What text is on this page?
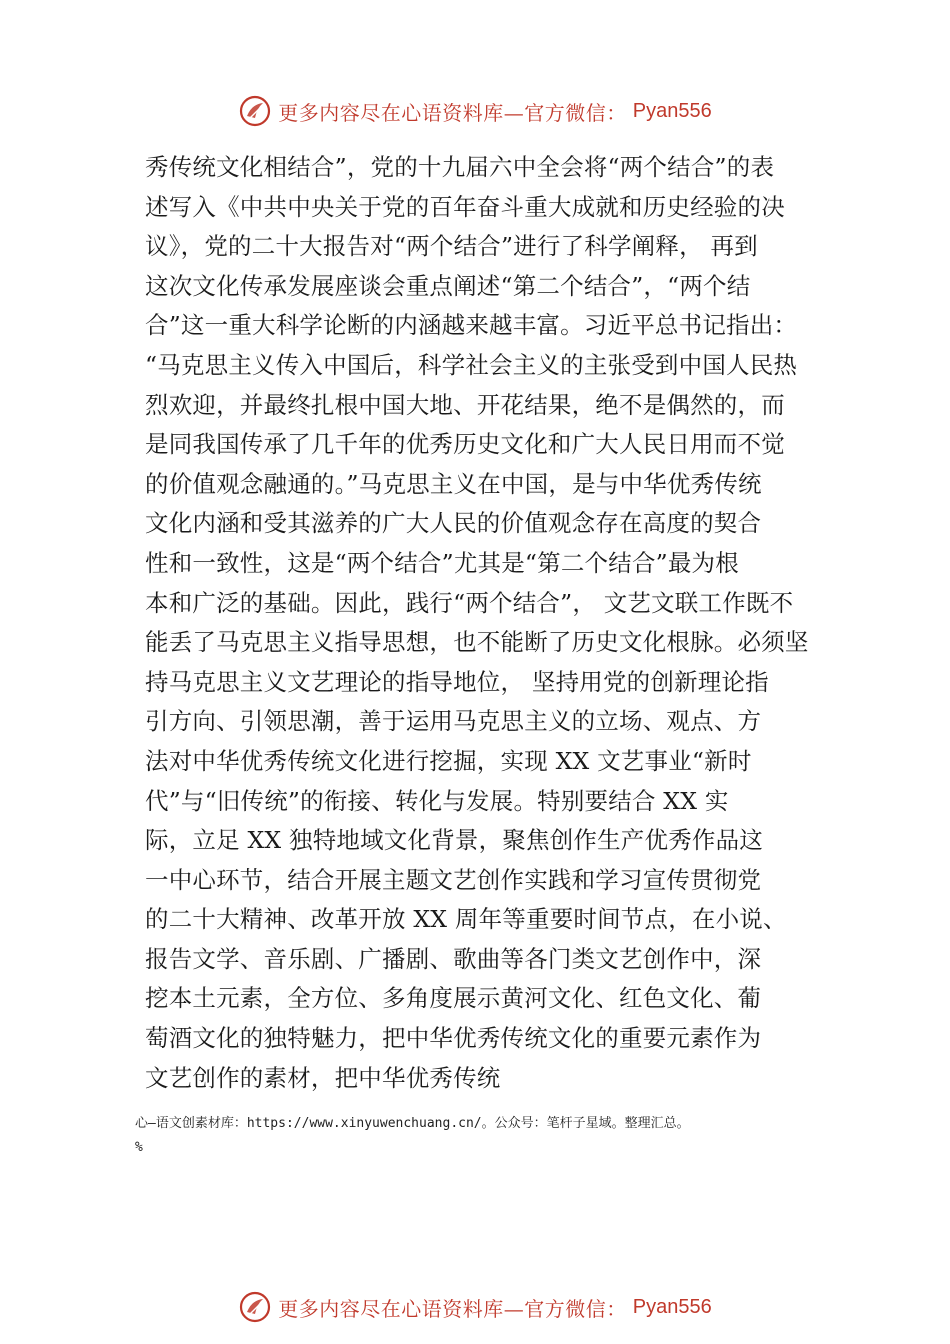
更多内容尽在心语资料库—官方微信： Pyan556
秀传统文化相结合”，党的十九届六中全会将“两个结合”的表
述写入《中共中央关于党的百年奋斗重大成就和历史经验的决
议》，党的二十大报告对“两个结合”进行了科学阐释， 再到
这次文化传承发展座谈会重点阐述“第二个结合”，“两个结
合”这一重大科学论断的内涵越来越丰富。习近平总书记指出：
“马克思主义传入中国后，科学社会主义的主张受到中国人民热
烈欢迎，并最终扎根中国大地、开花结果，绝不是偶然的，而
是同我国传承了几千年的优秀历史文化和广大人民日用而不觉
的价值观念融通的。”马克思主义在中国，是与中华优秀传统
文化内涵和受其滋养的广大人民的价值观念存在高度的契合
性和一致性，这是“两个结合”尤其是“第二个结合”最为根
本和广泛的基础。因此，践行“两个结合”， 文艺文联工作既不
能丢了马克思主义指导思想，也不能断了历史文化根脉。必须坚
持马克思主义文艺理论的指导地位， 坚持用党的创新理论指
引方向、引领思潮，善于运用马克思主义的立场、观点、方
法对中华优秀传统文化进行挖掘，实现 XX 文艺事业“新时
代”与“旧传统”的衔接、转化与发展。特别要结合 XX 实
际，立足 XX 独特地域文化背景，聚焦创作生产优秀作品这
一中心环节，结合开展主题文艺创作实践和学习宣传贯彻党
的二十大精神、改革开放 XX 周年等重要时间节点，在小说、
报告文学、音乐剧、广播剧、歌曲等各门类文艺创作中，深
挖本土元素，全方位、多角度展示黄河文化、红色文化、葡
萄酒文化的独特魅力，把中华优秀传统文化的重要元素作为
文艺创作的素材，把中华优秀传统
心—语文创素材库：https://www.xinyuwenchuang.cn/。公众号：笔杆子星域。整理汇总。
%
更多内容尽在心语资料库—官方微信： Pyan556
